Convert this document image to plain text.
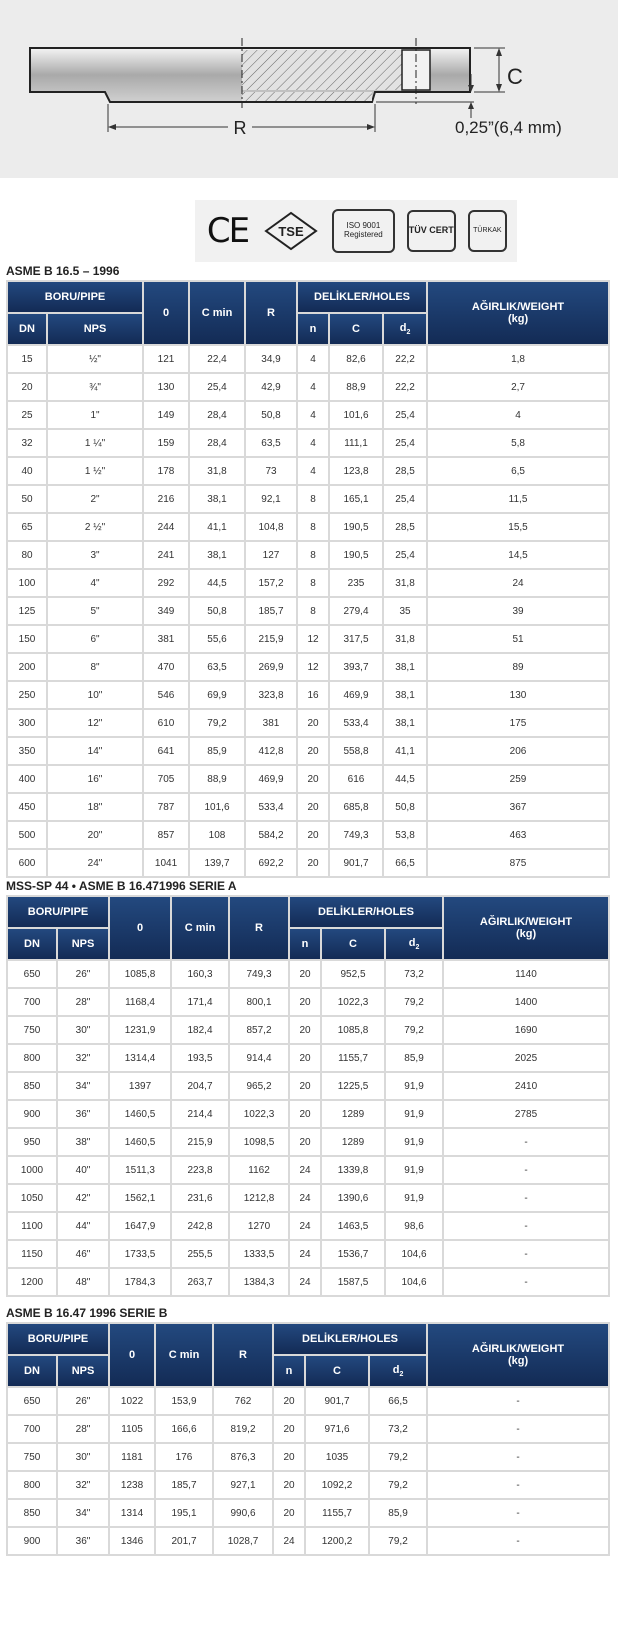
R
C
0,25”(6,4 mm)
CE TSE	ISO 9001 Registered	TÜV CERT	TÜRKAK
ASME B 16.5 – 1996
BORU/PIPE		0	C min	R	DELİKLER/HOLES			AĞIRLIK/WEIGHT
(kg)
DN	NPS				n	C	$d_2$
15	½"	121	22,4	34,9	4	82,6	22,2	1,8
20	¾"	130	25,4	42,9	4	88,9	22,2	2,7
25	1"	149	28,4	50,8	4	101,6	25,4	4
32	1 ¼"	159	28,4	63,5	4	111,1	25,4	5,8
40	1 ½"	178	31,8	73	4	123,8	28,5	6,5
50	2"	216	38,1	92,1	8	165,1	25,4	11,5
65	2 ½"	244	41,1	104,8	8	190,5	28,5	15,5
80	3"	241	38,1	127	8	190,5	25,4	14,5
100	4"	292	44,5	157,2	8	235	31,8	24
125	5"	349	50,8	185,7	8	279,4	35	39
150	6"	381	55,6	215,9	12	317,5	31,8	51
200	8"	470	63,5	269,9	12	393,7	38,1	89
250	10"	546	69,9	323,8	16	469,9	38,1	130
300	12"	610	79,2	381	20	533,4	38,1	175
350	14"	641	85,9	412,8	20	558,8	41,1	206
400	16"	705	88,9	469,9	20	616	44,5	259
450	18"	787	101,6	533,4	20	685,8	50,8	367
500	20"	857	108	584,2	20	749,3	53,8	463
600	24"	1041	139,7	692,2	20	901,7	66,5	875
MSS-SP 44 • ASME B 16.471996 SERIE A
BORU/PIPE		0	C min	R	DELİKLER/HOLES			AĞIRLIK/WEIGHT
(kg)
DN	NPS				n	C	$d_2$
650	26"	1085,8	160,3	749,3	20	952,5	73,2	1140
700	28"	1168,4	171,4	800,1	20	1022,3	79,2	1400
750	30"	1231,9	182,4	857,2	20	1085,8	79,2	1690
800	32"	1314,4	193,5	914,4	20	1155,7	85,9	2025
850	34"	1397	204,7	965,2	20	1225,5	91,9	2410
900	36"	1460,5	214,4	1022,3	20	1289	91,9	2785
950	38"	1460,5	215,9	1098,5	20	1289	91,9	-
1000	40"	1511,3	223,8	1162	24	1339,8	91,9	-
1050	42"	1562,1	231,6	1212,8	24	1390,6	91,9	-
1100	44"	1647,9	242,8	1270	24	1463,5	98,6	-
1150	46"	1733,5	255,5	1333,5	24	1536,7	104,6	-
1200	48"	1784,3	263,7	1384,3	24	1587,5	104,6	-
ASME B 16.47 1996 SERIE B
BORU/PIPE		0	C min	R	DELİKLER/HOLES			AĞIRLIK/WEIGHT
(kg)
DN	NPS				n	C	$d_2$
650	26"	1022	153,9	762	20	901,7	66,5	-
700	28"	1105	166,6	819,2	20	971,6	73,2	-
750	30"	1181	176	876,3	20	1035	79,2	-
800	32"	1238	185,7	927,1	20	1092,2	79,2	-
850	34"	1314	195,1	990,6	20	1155,7	85,9	-
900	36"	1346	201,7	1028,7	24	1200,2	79,2	-
